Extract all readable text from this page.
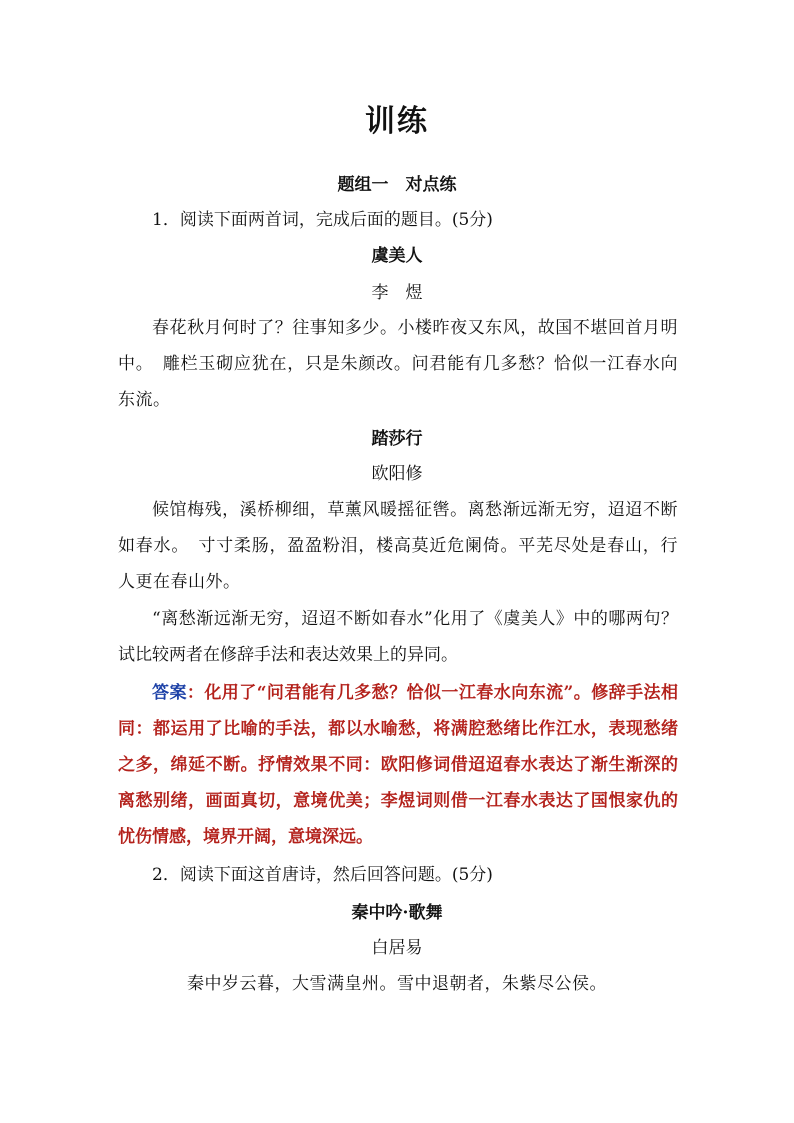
训练
题组一　对点练

1．阅读下面两首词，完成后面的题目。(5分)

虞美人
李　煜

春花秋月何时了？往事知多少。小楼昨夜又东风，故国不堪回首月明中。　雕栏玉砌应犹在，只是朱颜改。问君能有几多愁？恰似一江春水向东流。

踏莎行
欧阳修

候馆梅残，溪桥柳细，草薰风暖摇征辔。离愁渐远渐无穷，迢迢不断如春水。　寸寸柔肠，盈盈粉泪，楼高莫近危阑倚。平芜尽处是春山，行人更在春山外。

“离愁渐远渐无穷，迢迢不断如春水”化用了《虞美人》中的哪两句？试比较两者在修辞手法和表达效果上的异同。

答案：化用了“问君能有几多愁？恰似一江春水向东流”。修辞手法相同：都运用了比喻的手法，都以水喻愁，将满腔愁绪比作江水，表现愁绪之多，绵延不断。抒情效果不同：欧阳修词借迢迢春水表达了渐生渐深的离愁别绪，画面真切，意境优美；李煜词则借一江春水表达了国恨家仇的忧伤情感，境界开阔，意境深远。

2．阅读下面这首唐诗，然后回答问题。(5分)

秦中吟·歌舞
白居易
秦中岁云暮，大雪满皇州。雪中退朝者，朱紫尽公侯。
